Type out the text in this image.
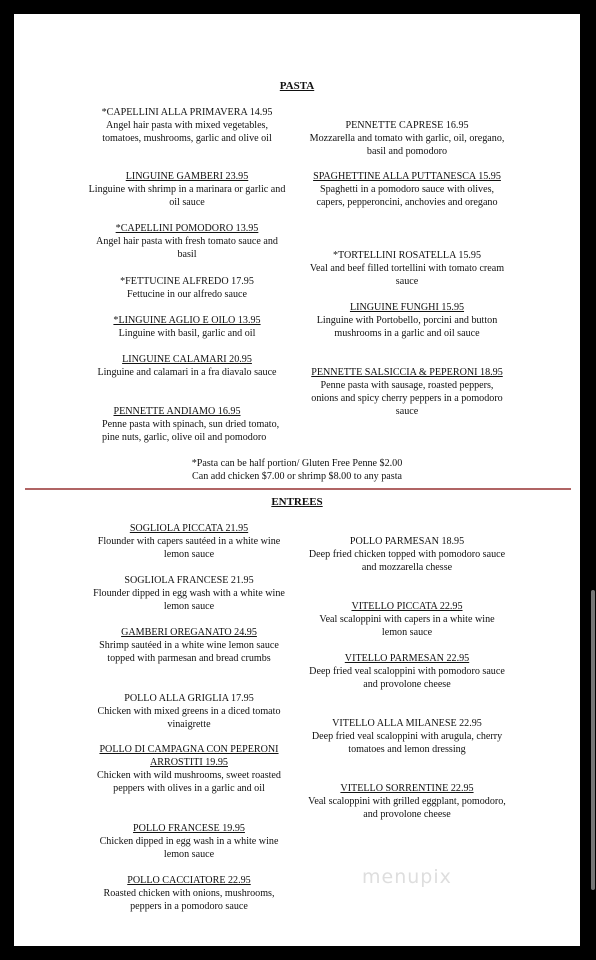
PASTA
*CAPELLINI ALLA PRIMAVERA 14.95
Angel hair pasta with mixed vegetables, tomatoes, mushrooms, garlic and olive oil
LINGUINE GAMBERI 23.95
Linguine with shrimp in a marinara or garlic and oil sauce
*CAPELLINI POMODORO 13.95
Angel hair pasta with fresh tomato sauce and basil
*FETTUCINE ALFREDO 17.95
Fettucine in our alfredo sauce
*LINGUINE AGLIO E OILO 13.95
Linguine with basil, garlic and oil
LINGUINE CALAMARI 20.95
Linguine and calamari in a fra diavalo sauce
PENNETTE ANDIAMO 16.95
Penne pasta with spinach, sun dried tomato, pine nuts, garlic, olive oil and pomodoro
PENNETTE CAPRESE 16.95
Mozzarella and tomato with garlic, oil, oregano, basil and pomodoro
SPAGHETTINE ALLA PUTTANESCA 15.95
Spaghetti in a pomodoro sauce with olives, capers, pepperoncini, anchovies and oregano
*TORTELLINI ROSATELLA 15.95
Veal and beef filled tortellini with tomato cream sauce
LINGUINE FUNGHI 15.95
Linguine with Portobello, porcini and button mushrooms in a garlic and oil sauce
PENNETTE SALSICCIA & PEPERONI 18.95
Penne pasta with sausage, roasted peppers, onions and spicy cherry peppers in a pomodoro sauce
*Pasta can be half portion/ Gluten Free Penne $2.00
Can add chicken $7.00 or shrimp $8.00 to any pasta
ENTREES
SOGLIOLA PICCATA 21.95
Flounder with capers sautéed in a white wine lemon sauce
SOGLIOLA FRANCESE 21.95
Flounder dipped in egg wash with a white wine lemon sauce
GAMBERI OREGANATO 24.95
Shrimp sautéed in a white wine lemon sauce topped with parmesan and bread crumbs
POLLO ALLA GRIGLIA 17.95
Chicken with mixed greens in a diced tomato vinaigrette
POLLO DI CAMPAGNA CON PEPERONI ARROSTITI 19.95
Chicken with wild mushrooms, sweet roasted peppers with olives in a garlic and oil
POLLO FRANCESE 19.95
Chicken dipped in egg wash in a white wine lemon sauce
POLLO CACCIATORE 22.95
Roasted chicken with onions, mushrooms, peppers in a pomodoro sauce
POLLO PARMESAN 18.95
Deep fried chicken topped with pomodoro sauce and mozzarella chesse
VITELLO PICCATA 22.95
Veal scaloppini with capers in a white wine lemon sauce
VITELLO PARMESAN 22.95
Deep fried veal scaloppini with pomodoro sauce and provolone cheese
VITELLO ALLA MILANESE 22.95
Deep fried veal scaloppini with arugula, cherry tomatoes and lemon dressing
VITELLO SORRENTINE 22.95
Veal scaloppini with grilled eggplant, pomodoro, and provolone cheese
menupix
